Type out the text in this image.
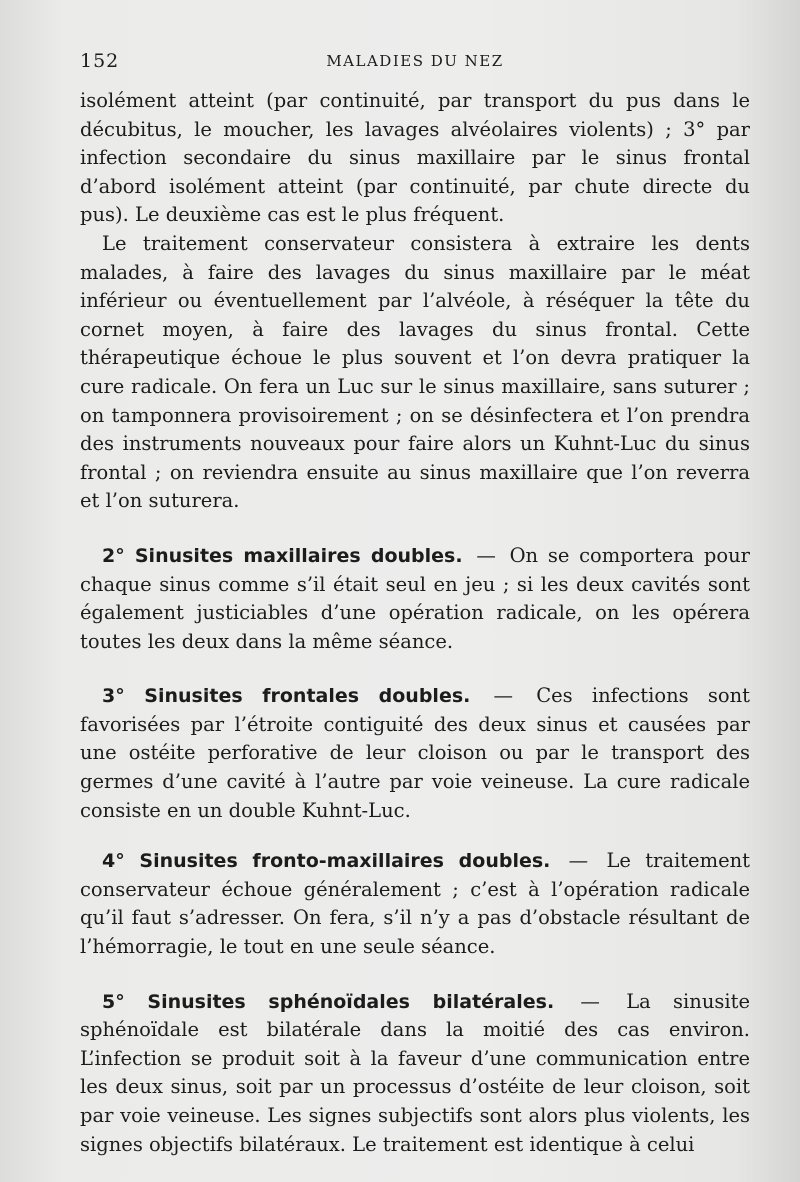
152	MALADIES DU NEZ

isolément atteint (par continuité, par transport du pus dans le décubitus, le moucher, les lavages alvéolaires violents) ; 3° par infection secondaire du sinus maxillaire par le sinus frontal d’abord isolément atteint (par continuité, par chute directe du pus). Le deuxième cas est le plus fréquent.

Le traitement conservateur consistera à extraire les dents malades, à faire des lavages du sinus maxillaire par le méat inférieur ou éventuellement par l’alvéole, à réséquer la tête du cornet moyen, à faire des lavages du sinus frontal. Cette thérapeutique échoue le plus souvent et l’on devra pratiquer la cure radicale. On fera un Luc sur le sinus maxillaire, sans suturer ; on tamponnera provisoirement ; on se désinfectera et l’on prendra des instruments nouveaux pour faire alors un Kuhnt-Luc du sinus frontal ; on reviendra ensuite au sinus maxillaire que l’on reverra et l’on suturera.

2° Sinusites maxillaires doubles. — On se comportera pour chaque sinus comme s’il était seul en jeu ; si les deux cavités sont également justiciables d’une opération radicale, on les opérera toutes les deux dans la même séance.

3° Sinusites frontales doubles. — Ces infections sont favorisées par l’étroite contiguité des deux sinus et causées par une ostéite perforative de leur cloison ou par le transport des germes d’une cavité à l’autre par voie veineuse. La cure radicale consiste en un double Kuhnt-Luc.

4° Sinusites fronto-maxillaires doubles. — Le traitement conservateur échoue généralement ; c’est à l’opération radicale qu’il faut s’adresser. On fera, s’il n’y a pas d’obstacle résultant de l’hémorragie, le tout en une seule séance.

5° Sinusites sphénoïdales bilatérales. — La sinusite sphénoïdale est bilatérale dans la moitié des cas environ. L’infection se produit soit à la faveur d’une communication entre les deux sinus, soit par un processus d’ostéite de leur cloison, soit par voie veineuse. Les signes subjectifs sont alors plus violents, les signes objectifs bilatéraux. Le traitement est identique à celui
